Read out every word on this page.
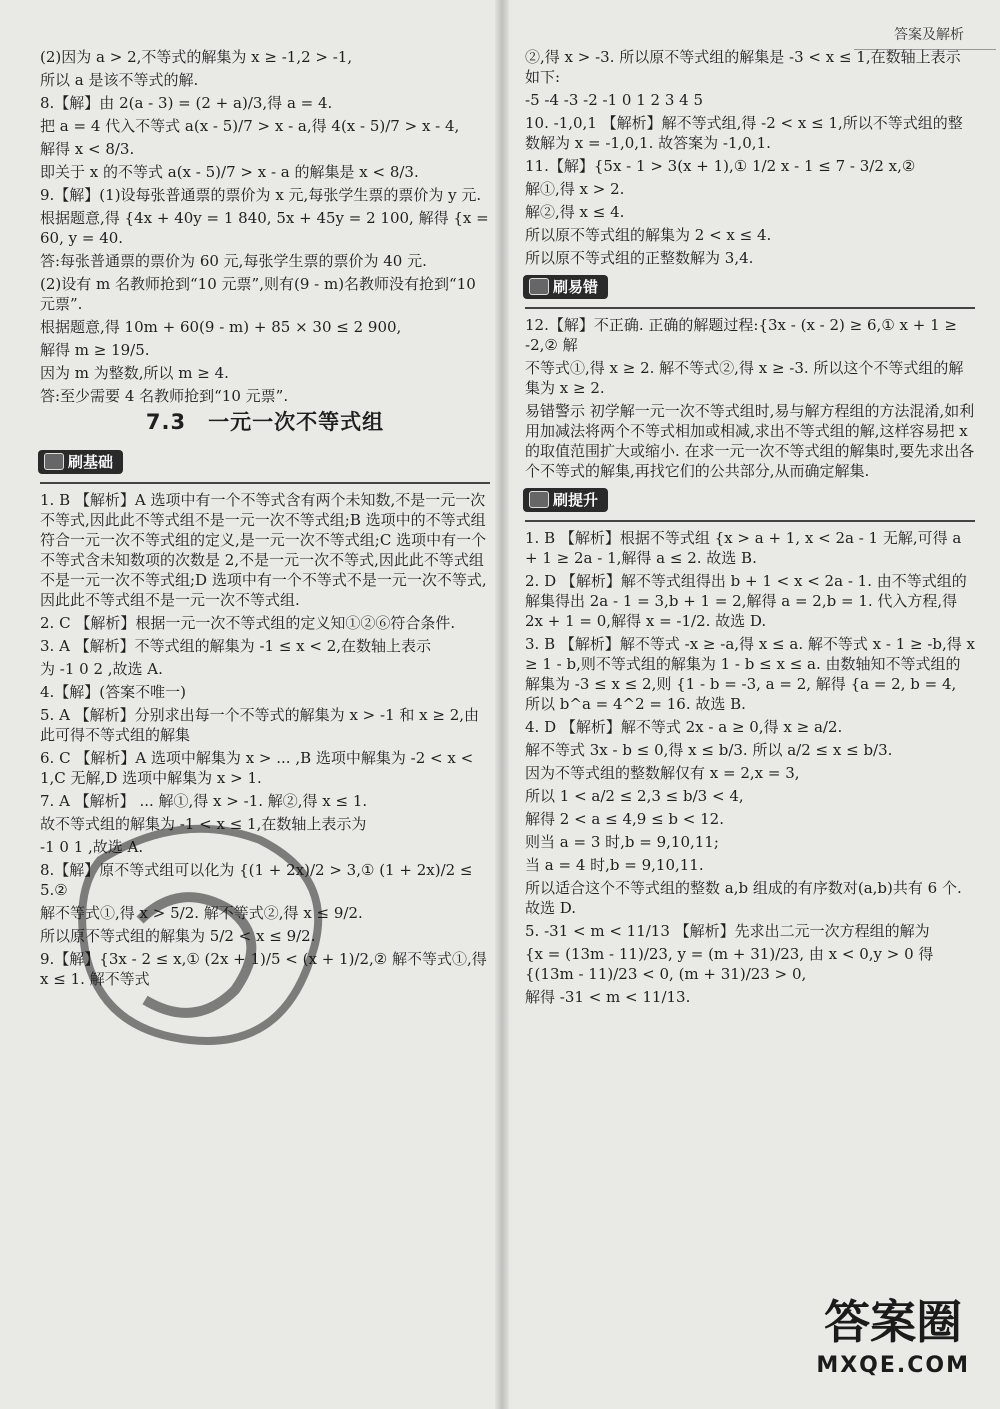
答案及解析
(2)因为 a > 2,不等式的解集为 x ≥ -1,2 > -1,
所以 a 是该不等式的解.
8.【解】由 2(a - 3) = (2 + a)/3,得 a = 4.
把 a = 4 代入不等式 a(x - 5)/7 > x - a,得 4(x - 5)/7 > x - 4,
解得 x < 8/3.
即关于 x 的不等式 a(x - 5)/7 > x - a 的解集是 x < 8/3.
9.【解】(1)设每张普通票的票价为 x 元,每张学生票的票价为 y 元.
根据题意,得 {4x + 40y = 1 840, 5x + 45y = 2 100, 解得 {x = 60, y = 40.
答:每张普通票的票价为 60 元,每张学生票的票价为 40 元.
(2)设有 m 名教师抢到“10 元票”,则有(9 - m)名教师没有抢到“10 元票”.
根据题意,得 10m + 60(9 - m) + 85 × 30 ≤ 2 900,
解得 m ≥ 19/5.
因为 m 为整数,所以 m ≥ 4.
答:至少需要 4 名教师抢到“10 元票”.
7.3　一元一次不等式组
刷基础
1. B 【解析】A 选项中有一个不等式含有两个未知数,不是一元一次不等式,因此此不等式组不是一元一次不等式组;B 选项中的不等式组符合一元一次不等式组的定义,是一元一次不等式组;C 选项中有一个不等式含未知数项的次数是 2,不是一元一次不等式,因此此不等式组不是一元一次不等式组;D 选项中有一个不等式不是一元一次不等式,因此此不等式组不是一元一次不等式组.
2. C 【解析】根据一元一次不等式组的定义知①②⑥符合条件.
3. A 【解析】不等式组的解集为 -1 ≤ x < 2,在数轴上表示
为 -1 0 2 ,故选 A.
4.【解】(答案不唯一)
5. A 【解析】分别求出每一个不等式的解集为 x > -1 和 x ≥ 2,由此可得不等式组的解集
6. C 【解析】A 选项中解集为 x > ... ,B 选项中解集为 -2 < x < 1,C 无解,D 选项中解集为 x > 1.
7. A 【解析】 ... 解①,得 x > -1. 解②,得 x ≤ 1.
故不等式组的解集为 -1 < x ≤ 1,在数轴上表示为
-1 0 1 ,故选 A.
8.【解】原不等式组可以化为 {(1 + 2x)/2 > 3,① (1 + 2x)/2 ≤ 5.②
解不等式①,得 x > 5/2. 解不等式②,得 x ≤ 9/2.
所以原不等式组的解集为 5/2 < x ≤ 9/2.
9.【解】{3x - 2 ≤ x,① (2x + 1)/5 < (x + 1)/2,② 解不等式①,得 x ≤ 1. 解不等式
②,得 x > -3. 所以原不等式组的解集是 -3 < x ≤ 1,在数轴上表示如下:
-5 -4 -3 -2 -1 0 1 2 3 4 5
10. -1,0,1 【解析】解不等式组,得 -2 < x ≤ 1,所以不等式组的整数解为 x = -1,0,1. 故答案为 -1,0,1.
11.【解】{5x - 1 > 3(x + 1),① 1/2 x - 1 ≤ 7 - 3/2 x,②
解①,得 x > 2.
解②,得 x ≤ 4.
所以原不等式组的解集为 2 < x ≤ 4.
所以原不等式组的正整数解为 3,4.
刷易错
12.【解】不正确. 正确的解题过程:{3x - (x - 2) ≥ 6,① x + 1 ≥ -2,② 解
不等式①,得 x ≥ 2. 解不等式②,得 x ≥ -3. 所以这个不等式组的解集为 x ≥ 2.
易错警示 初学解一元一次不等式组时,易与解方程组的方法混淆,如利用加减法将两个不等式相加或相减,求出不等式组的解,这样容易把 x 的取值范围扩大或缩小. 在求一元一次不等式组的解集时,要先求出各个不等式的解集,再找它们的公共部分,从而确定解集.
刷提升
1. B 【解析】根据不等式组 {x > a + 1, x < 2a - 1 无解,可得 a + 1 ≥ 2a - 1,解得 a ≤ 2. 故选 B.
2. D 【解析】解不等式组得出 b + 1 < x < 2a - 1. 由不等式组的解集得出 2a - 1 = 3,b + 1 = 2,解得 a = 2,b = 1. 代入方程,得 2x + 1 = 0,解得 x = -1/2. 故选 D.
3. B 【解析】解不等式 -x ≥ -a,得 x ≤ a. 解不等式 x - 1 ≥ -b,得 x ≥ 1 - b,则不等式组的解集为 1 - b ≤ x ≤ a. 由数轴知不等式组的解集为 -3 ≤ x ≤ 2,则 {1 - b = -3, a = 2, 解得 {a = 2, b = 4, 所以 b^a = 4^2 = 16. 故选 B.
4. D 【解析】解不等式 2x - a ≥ 0,得 x ≥ a/2.
解不等式 3x - b ≤ 0,得 x ≤ b/3. 所以 a/2 ≤ x ≤ b/3.
因为不等式组的整数解仅有 x = 2,x = 3,
所以 1 < a/2 ≤ 2,3 ≤ b/3 < 4,
解得 2 < a ≤ 4,9 ≤ b < 12.
则当 a = 3 时,b = 9,10,11;
当 a = 4 时,b = 9,10,11.
所以适合这个不等式组的整数 a,b 组成的有序数对(a,b)共有 6 个. 故选 D.
5. -31 < m < 11/13 【解析】先求出二元一次方程组的解为
{x = (13m - 11)/23, y = (m + 31)/23, 由 x < 0,y > 0 得 {(13m - 11)/23 < 0, (m + 31)/23 > 0,
解得 -31 < m < 11/13.
答案圈
MXQE.COM
